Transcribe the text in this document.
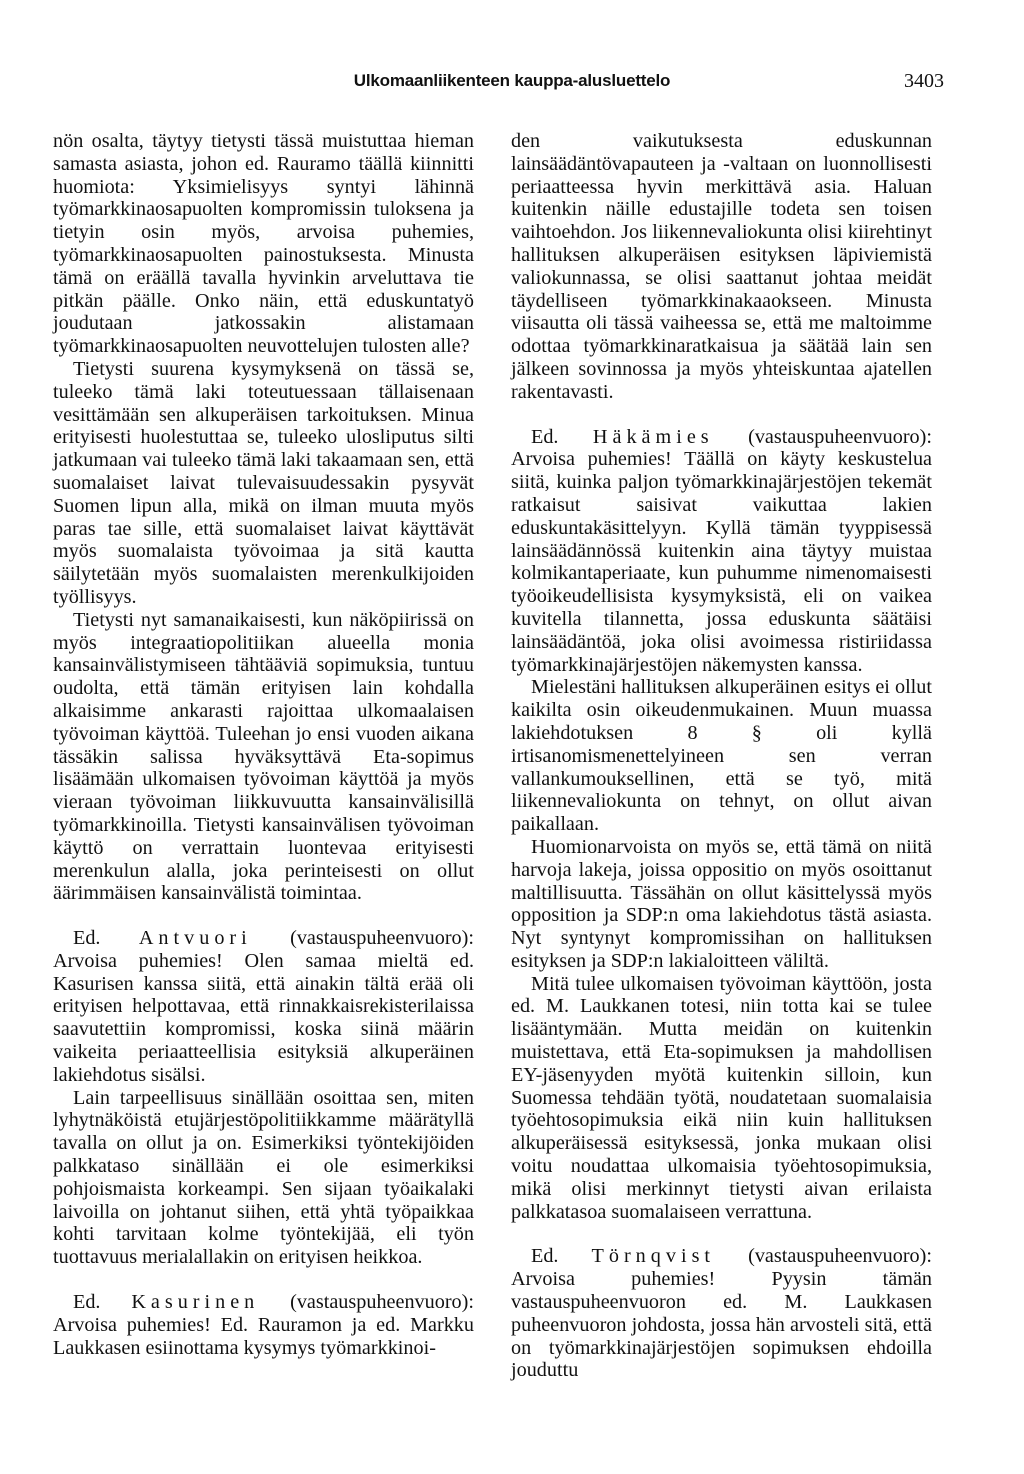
Ulkomaanliikenteen kauppa-alusluettelo	3403

nön osalta, täytyy tietysti tässä muistuttaa hieman samasta asiasta, johon ed. Rauramo täällä kiinnitti huomiota: Yksimielisyys syntyi lähinnä työmarkkinaosapuolten kompromissin tuloksena ja tietyin osin myös, arvoisa puhemies, työmarkkinaosapuolten painostuksesta. Minusta tämä on eräällä tavalla hyvinkin arveluttava tie pitkän päälle. Onko näin, että eduskuntatyö joudutaan jatkossakin alistamaan työmarkkinaosapuolten neuvottelujen tulosten alle?

Tietysti suurena kysymyksenä on tässä se, tuleeko tämä laki toteutuessaan tällaisenaan vesittämään sen alkuperäisen tarkoituksen. Minua erityisesti huolestuttaa se, tuleeko ulosliputus silti jatkumaan vai tuleeko tämä laki takaamaan sen, että suomalaiset laivat tulevaisuudessakin pysyvät Suomen lipun alla, mikä on ilman muuta myös paras tae sille, että suomalaiset laivat käyttävät myös suomalaista työvoimaa ja sitä kautta säilytetään myös suomalaisten merenkulkijoiden työllisyys.

Tietysti nyt samanaikaisesti, kun näköpiirissä on myös integraatiopolitiikan alueella monia kansainvälistymiseen tähtääviä sopimuksia, tuntuu oudolta, että tämän erityisen lain kohdalla alkaisimme ankarasti rajoittaa ulkomaalaisen työvoiman käyttöä. Tuleehan jo ensi vuoden aikana tässäkin salissa hyväksyttävä Eta-sopimus lisäämään ulkomaisen työvoiman käyttöä ja myös vieraan työvoiman liikkuvuutta kansainvälisillä työmarkkinoilla. Tietysti kansainvälisen työvoiman käyttö on verrattain luontevaa erityisesti merenkulun alalla, joka perinteisesti on ollut äärimmäisen kansainvälistä toimintaa.

Ed. Antvuori (vastauspuheenvuoro): Arvoisa puhemies! Olen samaa mieltä ed. Kasurisen kanssa siitä, että ainakin tältä erää oli erityisen helpottavaa, että rinnakkaisrekisterilaissa saavutettiin kompromissi, koska siinä määrin vaikeita periaatteellisia esityksiä alkuperäinen lakiehdotus sisälsi.

Lain tarpeellisuus sinällään osoittaa sen, miten lyhytnäköistä etujärjestöpolitiikkamme määrätyllä tavalla on ollut ja on. Esimerkiksi työntekijöiden palkkataso sinällään ei ole esimerkiksi pohjoismaista korkeampi. Sen sijaan työaikalaki laivoilla on johtanut siihen, että yhtä työpaikkaa kohti tarvitaan kolme työntekijää, eli työn tuottavuus merialallakin on erityisen heikkoa.

Ed. Kasurinen (vastauspuheenvuoro): Arvoisa puhemies! Ed. Rauramon ja ed. Markku Laukkasen esiinottama kysymys työmarkkinoi-

den vaikutuksesta eduskunnan lainsäädäntövapauteen ja -valtaan on luonnollisesti periaatteessa hyvin merkittävä asia. Haluan kuitenkin näille edustajille todeta sen toisen vaihtoehdon. Jos liikennevaliokunta olisi kiirehtinyt hallituksen alkuperäisen esityksen läpiviemistä valiokunnassa, se olisi saattanut johtaa meidät täydelliseen työmarkkinakaaokseen. Minusta viisautta oli tässä vaiheessa se, että me maltoimme odottaa työmarkkinaratkaisua ja säätää lain sen jälkeen sovinnossa ja myös yhteiskuntaa ajatellen rakentavasti.

Ed. Häkämies (vastauspuheenvuoro): Arvoisa puhemies! Täällä on käyty keskustelua siitä, kuinka paljon työmarkkinajärjestöjen tekemät ratkaisut saisivat vaikuttaa lakien eduskuntakäsittelyyn. Kyllä tämän tyyppisessä lainsäädännössä kuitenkin aina täytyy muistaa kolmikantaperiaate, kun puhumme nimenomaisesti työoikeudellisista kysymyksistä, eli on vaikea kuvitella tilannetta, jossa eduskunta säätäisi lainsäädäntöä, joka olisi avoimessa ristiriidassa työmarkkinajärjestöjen näkemysten kanssa.

Mielestäni hallituksen alkuperäinen esitys ei ollut kaikilta osin oikeudenmukainen. Muun muassa lakiehdotuksen 8 § oli kyllä irtisanomismenettelyineen sen verran vallankumouksellinen, että se työ, mitä liikennevaliokunta on tehnyt, on ollut aivan paikallaan.

Huomionarvoista on myös se, että tämä on niitä harvoja lakeja, joissa oppositio on myös osoittanut maltillisuutta. Tässähän on ollut käsittelyssä myös opposition ja SDP:n oma lakiehdotus tästä asiasta. Nyt syntynyt kompromissihan on hallituksen esityksen ja SDP:n lakialoitteen väliltä.

Mitä tulee ulkomaisen työvoiman käyttöön, josta ed. M. Laukkanen totesi, niin totta kai se tulee lisääntymään. Mutta meidän on kuitenkin muistettava, että Eta-sopimuksen ja mahdollisen EY-jäsenyyden myötä kuitenkin silloin, kun Suomessa tehdään työtä, noudatetaan suomalaisia työehtosopimuksia eikä niin kuin hallituksen alkuperäisessä esityksessä, jonka mukaan olisi voitu noudattaa ulkomaisia työehtosopimuksia, mikä olisi merkinnyt tietysti aivan erilaista palkkatasoa suomalaiseen verrattuna.

Ed. Törnqvist (vastauspuheenvuoro): Arvoisa puhemies! Pyysin tämän vastauspuheenvuoron ed. M. Laukkasen puheenvuoron johdosta, jossa hän arvosteli sitä, että on työmarkkinajärjestöjen sopimuksen ehdoilla jouduttu
